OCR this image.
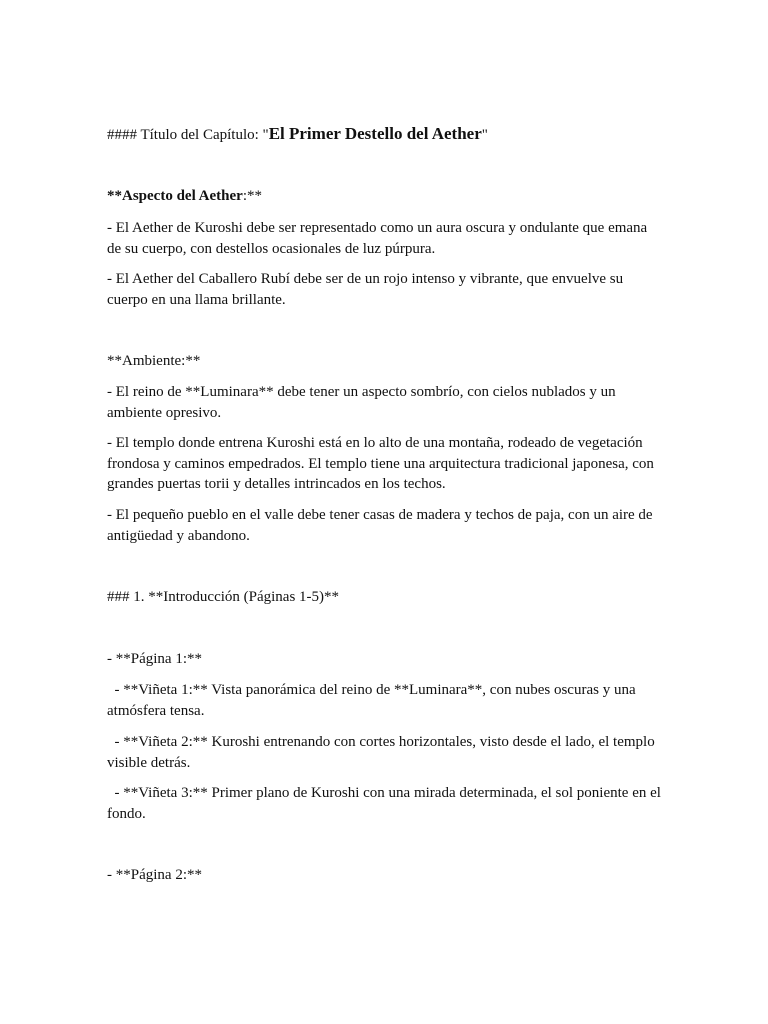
#### Título del Capítulo: "El Primer Destello del Aether"
**Aspecto del Aether:**
- El Aether de Kuroshi debe ser representado como un aura oscura y ondulante que emana de su cuerpo, con destellos ocasionales de luz púrpura.
- El Aether del Caballero Rubí debe ser de un rojo intenso y vibrante, que envuelve su cuerpo en una llama brillante.
**Ambiente:**
- El reino de **Luminara** debe tener un aspecto sombrío, con cielos nublados y un ambiente opresivo.
- El templo donde entrena Kuroshi está en lo alto de una montaña, rodeado de vegetación frondosa y caminos empedrados. El templo tiene una arquitectura tradicional japonesa, con grandes puertas torii y detalles intrincados en los techos.
- El pequeño pueblo en el valle debe tener casas de madera y techos de paja, con un aire de antigüedad y abandono.
### 1. **Introducción (Páginas 1-5)**
- **Página 1:**
- **Viñeta 1:** Vista panorámica del reino de **Luminara**, con nubes oscuras y una atmósfera tensa.
- **Viñeta 2:** Kuroshi entrenando con cortes horizontales, visto desde el lado, el templo visible detrás.
- **Viñeta 3:** Primer plano de Kuroshi con una mirada determinada, el sol poniente en el fondo.
- **Página 2:**
